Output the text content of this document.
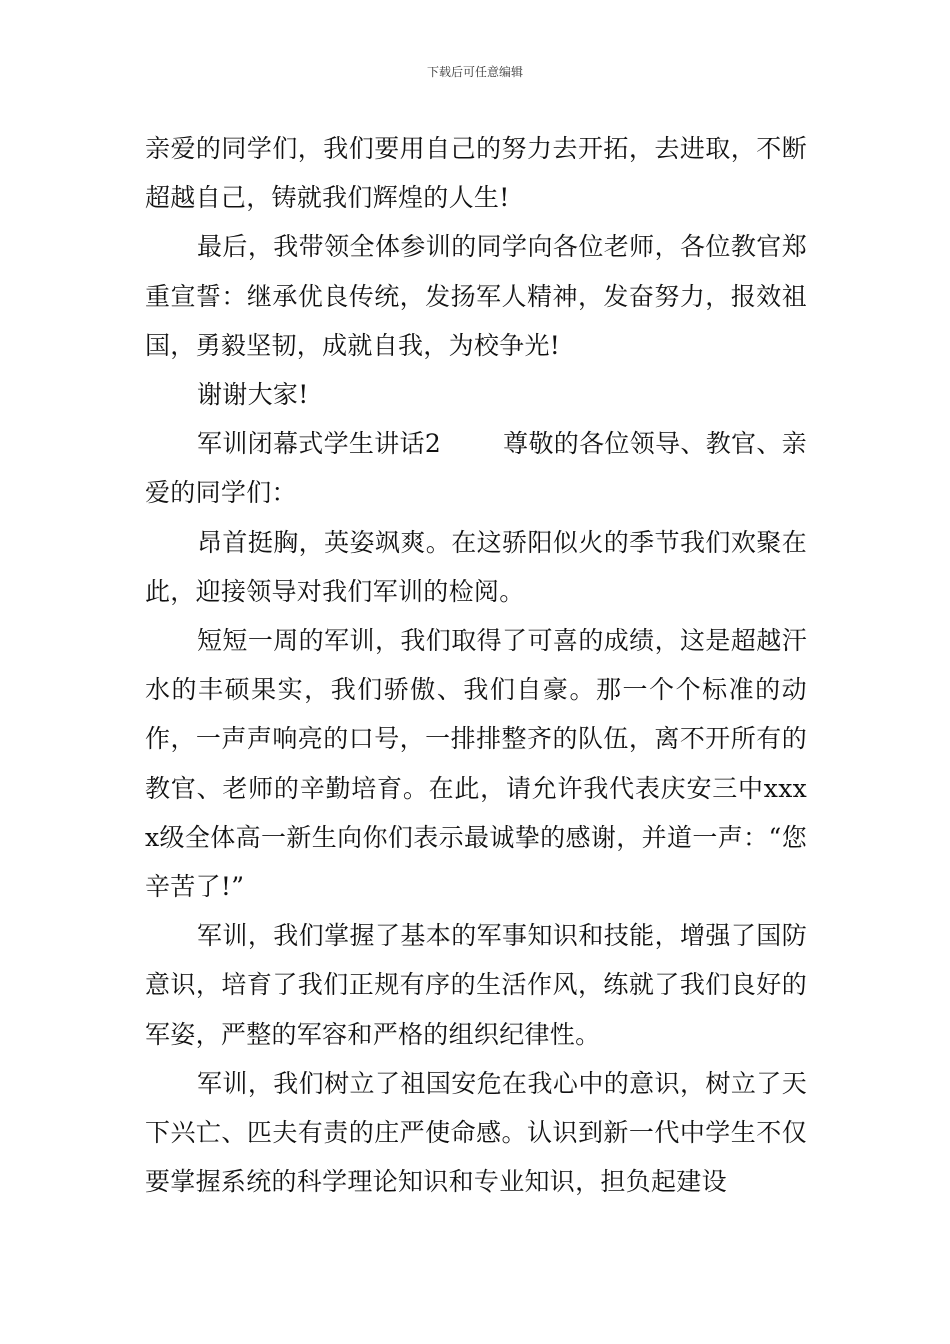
下载后可任意编辑

亲爱的同学们，我们要用自己的努力去开拓，去进取，不断超越自己，铸就我们辉煌的人生!

最后，我带领全体参训的同学向各位老师，各位教官郑重宣誓：继承优良传统，发扬军人精神，发奋努力，报效祖国，勇毅坚韧，成就自我，为校争光!

谢谢大家!

军训闭幕式学生讲话2 尊敬的各位领导、教官、亲爱的同学们：

昂首挺胸，英姿飒爽。在这骄阳似火的季节我们欢聚在此，迎接领导对我们军训的检阅。

短短一周的军训，我们取得了可喜的成绩，这是超越汗水的丰硕果实，我们骄傲、我们自豪。那一个个标准的动作，一声声响亮的口号，一排排整齐的队伍，离不开所有的教官、老师的辛勤培育。在此，请允许我代表庆安三中xxxx级全体高一新生向你们表示最诚挚的感谢，并道一声：“您辛苦了!”

军训，我们掌握了基本的军事知识和技能，增强了国防意识，培育了我们正规有序的生活作风，练就了我们良好的军姿，严整的军容和严格的组织纪律性。

军训，我们树立了祖国安危在我心中的意识，树立了天下兴亡、匹夫有责的庄严使命感。认识到新一代中学生不仅要掌握系统的科学理论知识和专业知识，担负起建设
